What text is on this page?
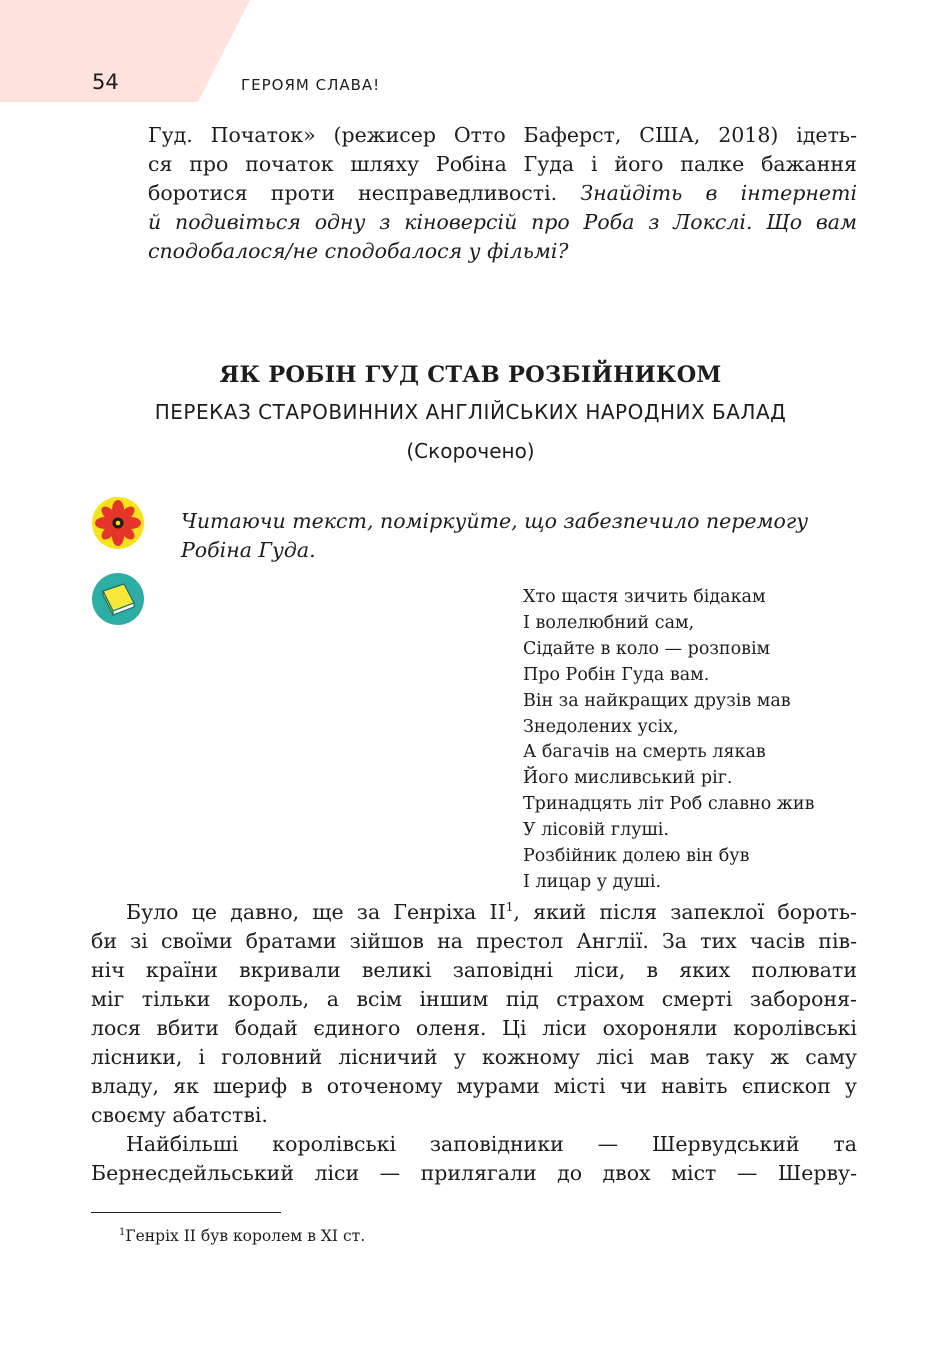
54	ГЕРОЯМ СЛАВА!
Гуд. Початок» (режисер Отто Баферст, США, 2018) ідеть-
ся про початок шляху Робіна Гуда і його палке бажання
боротися проти несправедливості. Знайдіть в інтернеті
й подивіться одну з кіноверсій про Роба з Локслі. Що вам
сподобалося/не сподобалося у фільмі?
ЯК РОБІН ГУД СТАВ РОЗБІЙНИКОМ
ПЕРЕКАЗ СТАРОВИННИХ АНГЛІЙСЬКИХ НАРОДНИХ БАЛАД
(Скорочено)
Читаючи текст, поміркуйте, що забезпечило перемогу
Робіна Гуда.
Хто щастя зичить бідакам
І волелюбний сам,
Сідайте в коло — розповім
Про Робін Гуда вам.
Він за найкращих друзів мав
Знедолених усіх,
А багачів на смерть лякав
Його мисливський ріг.
Тринадцять літ Роб славно жив
У лісовій глуші.
Розбійник долею він був
І лицар у душі.
Було це давно, ще за Генріха $II^1$, який після запеклої бороть-
би зі своїми братами зійшов на престол Англії. За тих часів пів-
ніч країни вкривали великі заповідні ліси, в яких полювати
міг тільки король, а всім іншим під страхом смерті забороня-
лося вбити бодай єдиного оленя. Ці ліси охороняли королівські
лісники, і головний лісничий у кожному лісі мав таку ж саму
владу, як шериф в оточеному мурами місті чи навіть єпископ у
своєму абатстві.
Найбільші королівські заповідники — Шервудський та
Бернесдейльський ліси — прилягали до двох міст — Шерву-
$^1$Генріх II був королем в XI ст.
